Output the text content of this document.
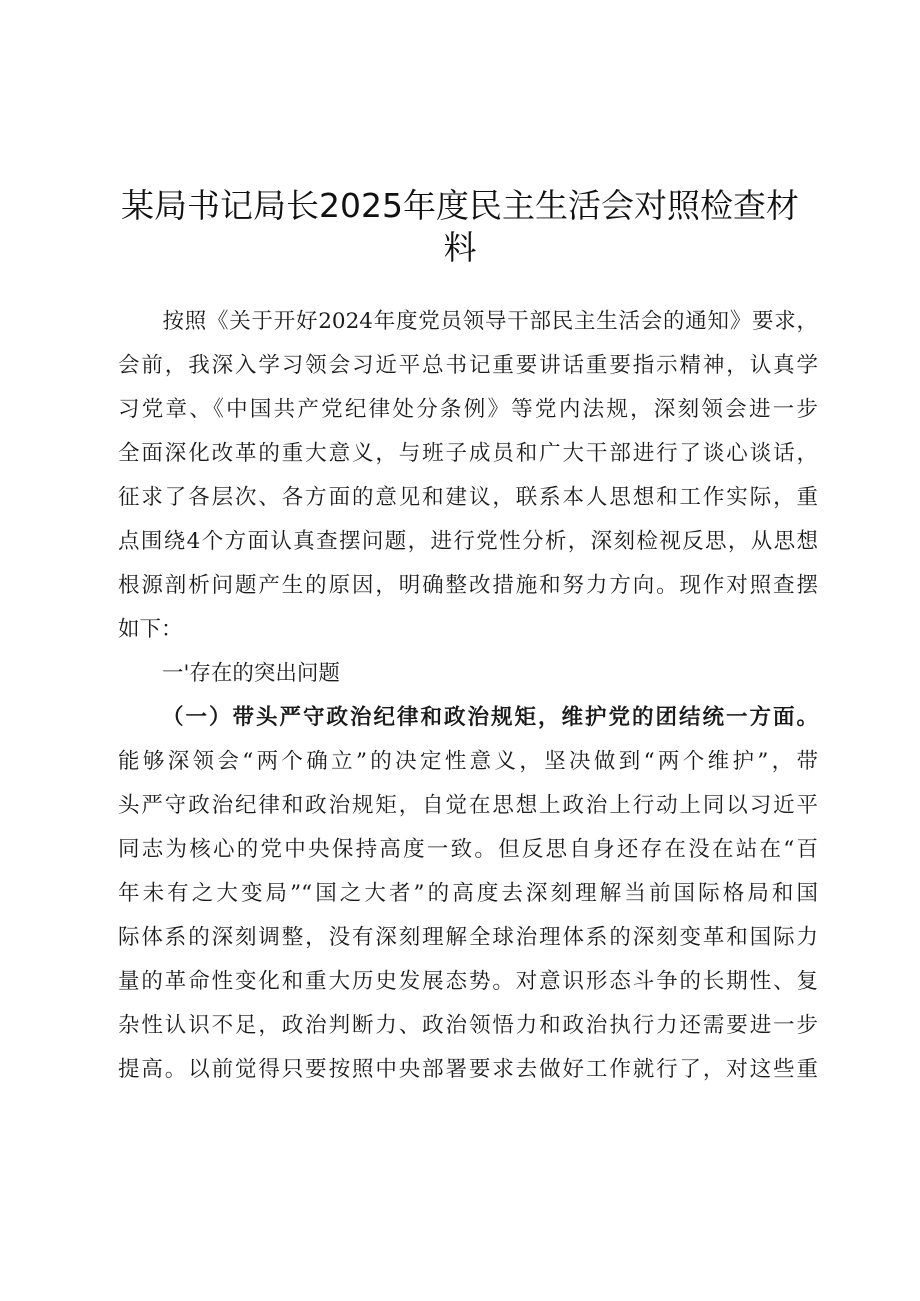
某局书记局长2025年度民主生活会对照检查材
料
　　按照《关于开好2024年度党员领导干部民主生活会的通知》要求，
会前，我深入学习领会习近平总书记重要讲话重要指示精神，认真学
习党章、《中国共产党纪律处分条例》等党内法规，深刻领会进一步
全面深化改革的重大意义，与班子成员和广大干部进行了谈心谈话，
征求了各层次、各方面的意见和建议，联系本人思想和工作实际，重
点围绕4个方面认真查摆问题，进行党性分析，深刻检视反思，从思想
根源剖析问题产生的原因，明确整改措施和努力方向。现作对照查摆
如下：
一'存在的突出问题
（一）带头严守政治纪律和政治规矩，维护党的团结统一方面。
能够深领会“两个确立”的决定性意义，坚决做到“两个维护”，带
头严守政治纪律和政治规矩，自觉在思想上政治上行动上同以习近平
同志为核心的党中央保持高度一致。但反思自身还存在没在站在“百
年未有之大变局”“国之大者”的高度去深刻理解当前国际格局和国
际体系的深刻调整，没有深刻理解全球治理体系的深刻变革和国际力
量的革命性变化和重大历史发展态势。对意识形态斗争的长期性、复
杂性认识不足，政治判断力、政治领悟力和政治执行力还需要进一步
提高。以前觉得只要按照中央部署要求去做好工作就行了，对这些重
